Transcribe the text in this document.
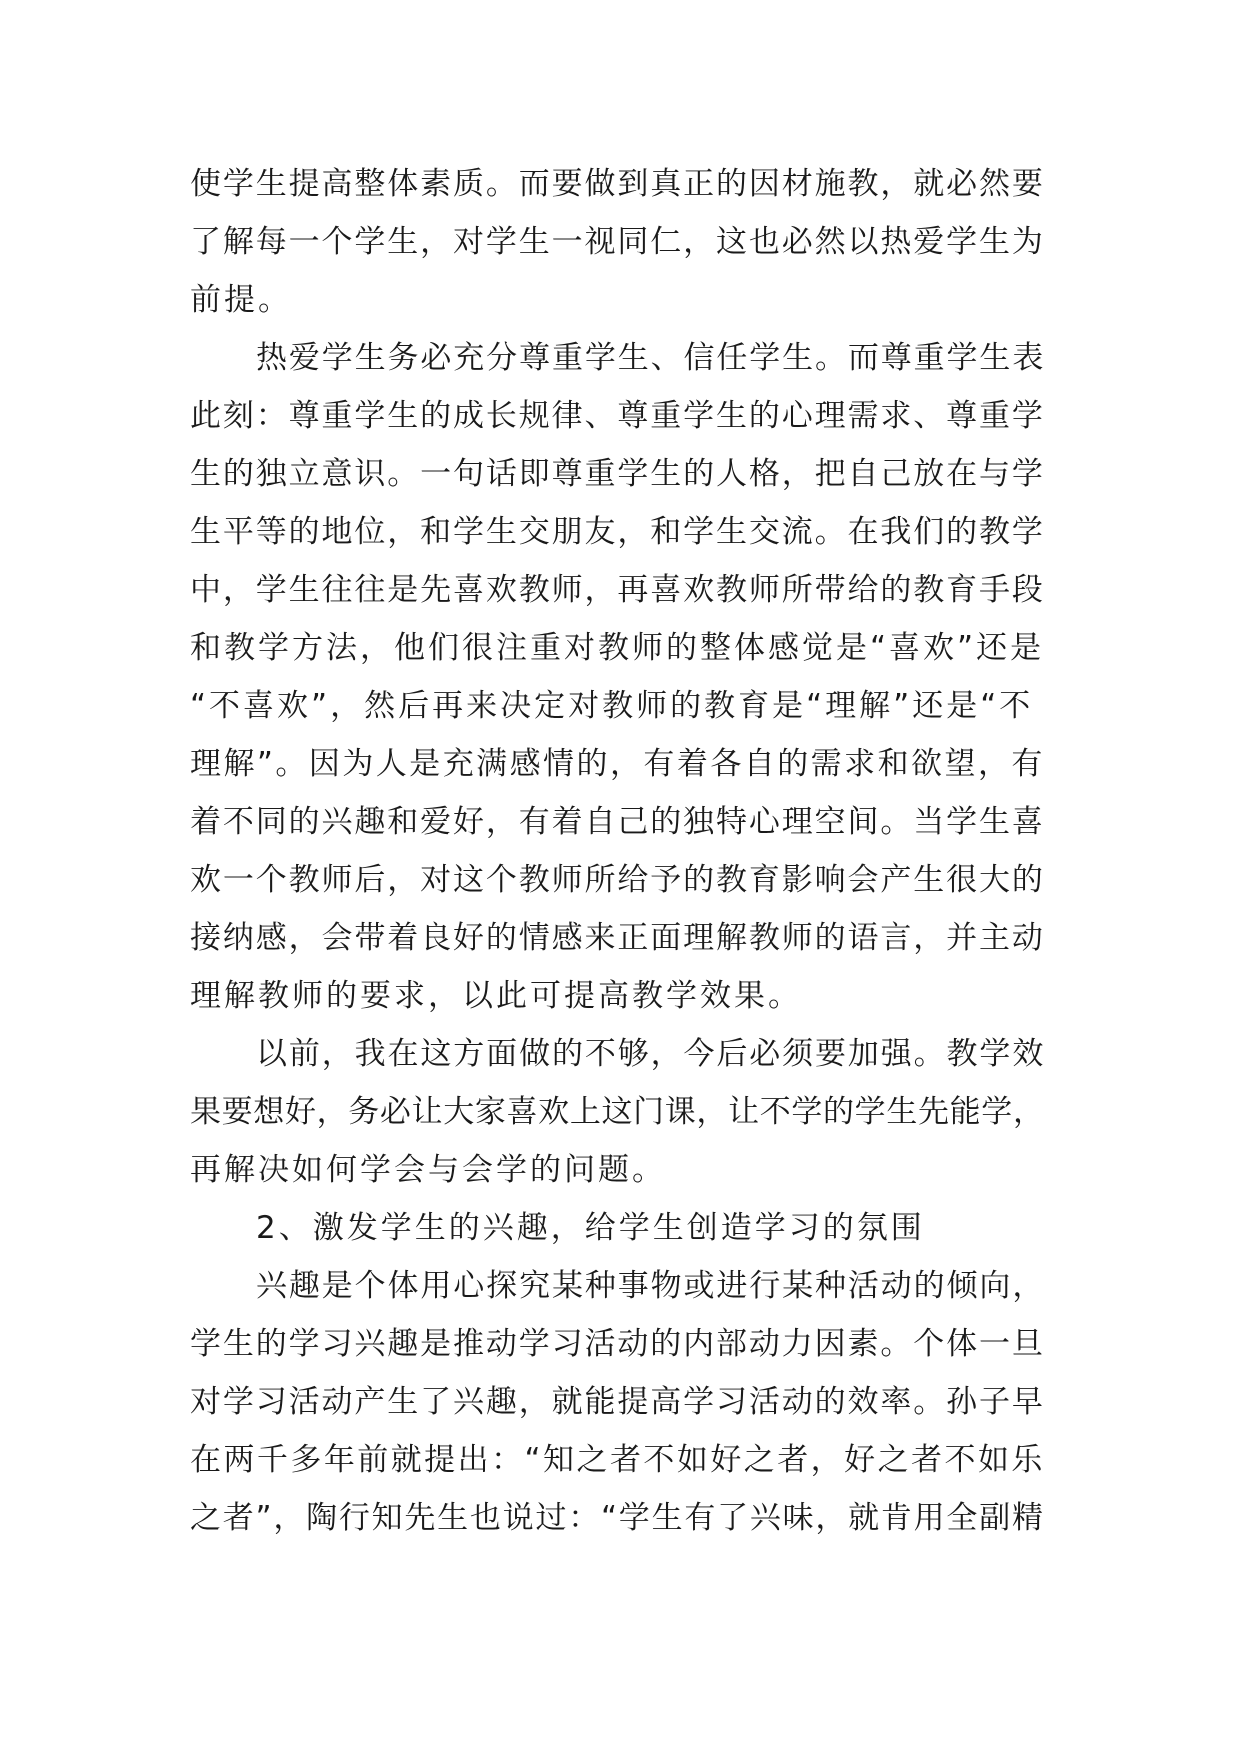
使学生提高整体素质。而要做到真正的因材施教，就必然要
了解每一个学生，对学生一视同仁，这也必然以热爱学生为
前提。
热爱学生务必充分尊重学生、信任学生。而尊重学生表
此刻：尊重学生的成长规律、尊重学生的心理需求、尊重学
生的独立意识。一句话即尊重学生的人格，把自己放在与学
生平等的地位，和学生交朋友，和学生交流。在我们的教学
中，学生往往是先喜欢教师，再喜欢教师所带给的教育手段
和教学方法，他们很注重对教师的整体感觉是“喜欢”还是
“不喜欢”，然后再来决定对教师的教育是“理解”还是“不
理解”。因为人是充满感情的，有着各自的需求和欲望，有
着不同的兴趣和爱好，有着自己的独特心理空间。当学生喜
欢一个教师后，对这个教师所给予的教育影响会产生很大的
接纳感，会带着良好的情感来正面理解教师的语言，并主动
理解教师的要求，以此可提高教学效果。
以前，我在这方面做的不够，今后必须要加强。教学效
果要想好，务必让大家喜欢上这门课，让不学的学生先能学，
再解决如何学会与会学的问题。
2、激发学生的兴趣，给学生创造学习的氛围
兴趣是个体用心探究某种事物或进行某种活动的倾向，
学生的学习兴趣是推动学习活动的内部动力因素。个体一旦
对学习活动产生了兴趣，就能提高学习活动的效率。孙子早
在两千多年前就提出：“知之者不如好之者，好之者不如乐
之者”，陶行知先生也说过：“学生有了兴味，就肯用全副精
